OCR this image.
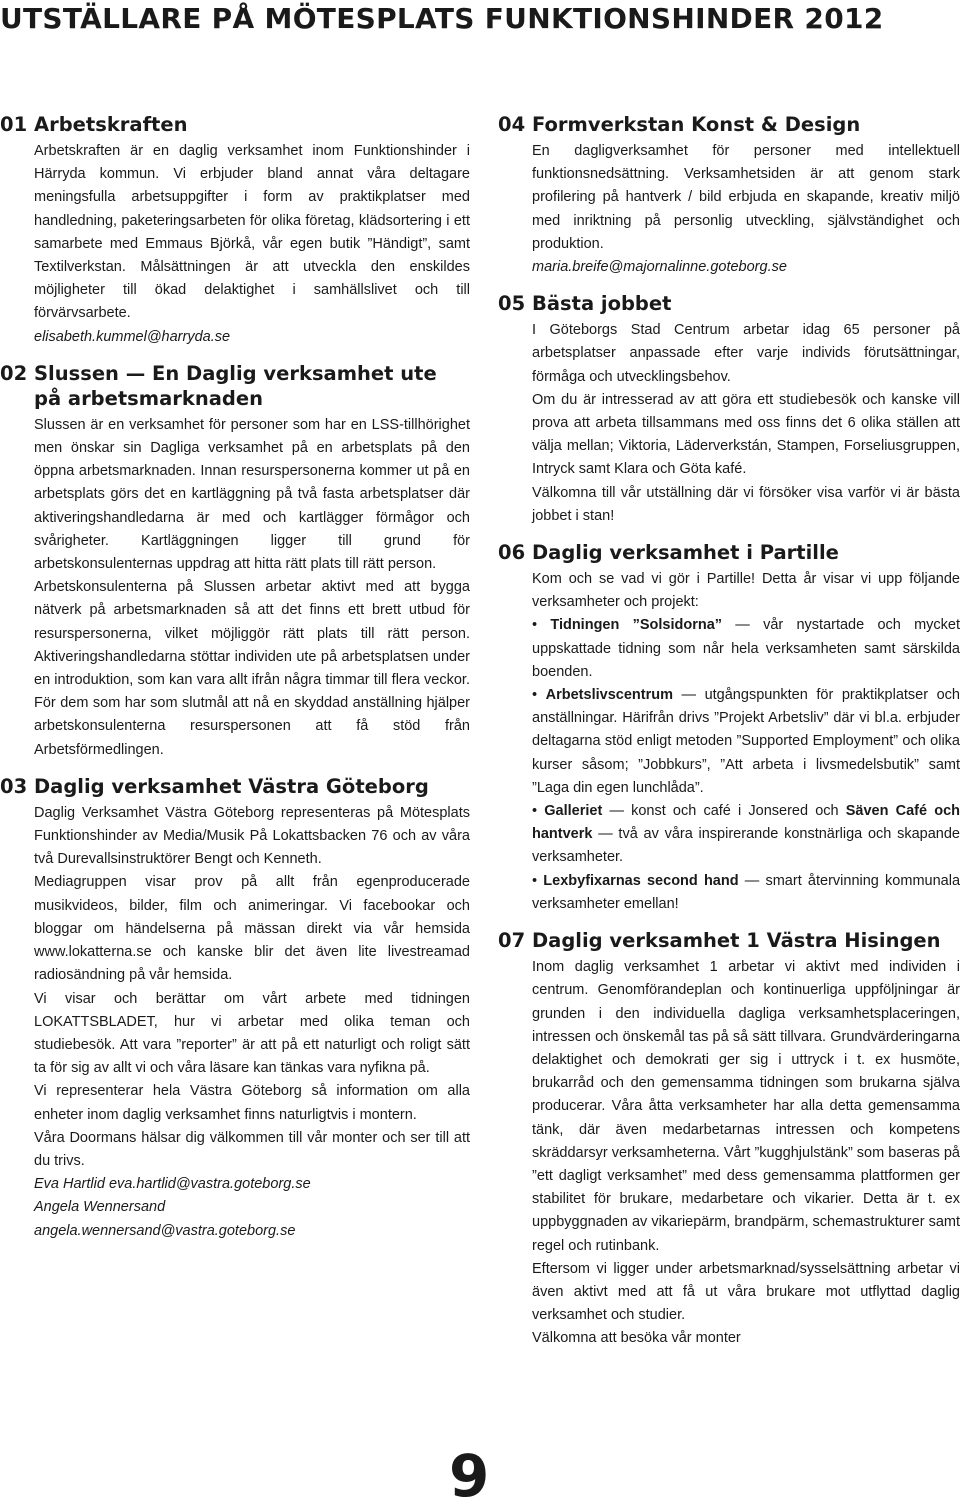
UTSTÄLLARE PÅ MÖTESPLATS FUNKTIONSHINDER 2012
01 Arbetskraften

Arbetskraften är en daglig verksamhet inom Funktionshinder i Härryda kommun. Vi erbjuder bland annat våra deltagare meningsfulla arbetsuppgifter i form av praktikplatser med handledning, paketeringsarbeten för olika företag, klädsortering i ett samarbete med Emmaus Björkå, vår egen butik ”Händigt”, samt Textilverkstan. Målsättningen är att utveckla den enskildes möjligheter till ökad delaktighet i samhällslivet och till förvärvsarbete.

elisabeth.kummel@harryda.se

02 Slussen — En Daglig verksamhet ute på arbetsmarknaden

Slussen är en verksamhet för personer som har en LSS-tillhörighet men önskar sin Dagliga verksamhet på en arbetsplats på den öppna arbetsmarknaden. Innan resurspersonerna kommer ut på en arbetsplats görs det en kartläggning på två fasta arbetsplatser där aktiveringshandledarna är med och kartlägger förmågor och svårigheter. Kartläggningen ligger till grund för arbetskonsulenternas uppdrag att hitta rätt plats till rätt person.

Arbetskonsulenterna på Slussen arbetar aktivt med att bygga nätverk på arbetsmarknaden så att det finns ett brett utbud för resurspersonerna, vilket möjliggör rätt plats till rätt person. Aktiveringshandledarna stöttar individen ute på arbetsplatsen under en introduktion, som kan vara allt ifrån några timmar till flera veckor. För dem som har som slutmål att nå en skyddad anställning hjälper arbetskonsulenterna resurspersonen att få stöd från Arbetsförmedlingen.

03 Daglig verksamhet Västra Göteborg

Daglig Verksamhet Västra Göteborg representeras på Mötesplats Funktionshinder av Media/Musik På Lokattsbacken 76 och av våra två Durevallsinstruktörer Bengt och Kenneth.

Mediagruppen visar prov på allt från egenproducerade musikvideos, bilder, film och animeringar. Vi facebookar och bloggar om händelserna på mässan direkt via vår hemsida www.lokatterna.se och kanske blir det även lite livestreamad radiosändning på vår hemsida.

Vi visar och berättar om vårt arbete med tidningen LOKATTSBLADET, hur vi arbetar med olika teman och studiebesök. Att vara ”reporter” är att på ett naturligt och roligt sätt ta för sig av allt vi och våra läsare kan tänkas vara nyfikna på.

Vi representerar hela Västra Göteborg så information om alla enheter inom daglig verksamhet finns naturligtvis i montern.

Våra Doormans hälsar dig välkommen till vår monter och ser till att du trivs.

Eva Hartlid eva.hartlid@vastra.goteborg.se

Angela Wennersand

angela.wennersand@vastra.goteborg.se

04 Formverkstan Konst & Design

En dagligverksamhet för personer med intellektuell funktionsnedsättning. Verksamhetsiden är att genom stark profilering på hantverk / bild erbjuda en skapande, kreativ miljö med inriktning på personlig utveckling, självständighet och produktion.

maria.breife@majornalinne.goteborg.se

05 Bästa jobbet

I Göteborgs Stad Centrum arbetar idag 65 personer på arbetsplatser anpassade efter varje individs förutsättningar, förmåga och utvecklingsbehov.

Om du är intresserad av att göra ett studiebesök och kanske vill prova att arbeta tillsammans med oss finns det 6 olika ställen att välja mellan; Viktoria, Läderverkstán, Stampen, Forseliusgruppen, Intryck samt Klara och Göta kafé.

Välkomna till vår utställning där vi försöker visa varför vi är bästa jobbet i stan!

06 Daglig verksamhet i Partille

Kom och se vad vi gör i Partille! Detta år visar vi upp följande verksamheter och projekt:

• Tidningen ”Solsidorna” — vår nystartade och mycket uppskattade tidning som når hela verksamheten samt särskilda boenden.

• Arbetslivscentrum — utgångspunkten för praktikplatser och anställningar. Härifrån drivs ”Projekt Arbetsliv” där vi bl.a. erbjuder deltagarna stöd enligt metoden ”Supported Employment” och olika kurser såsom; ”Jobbkurs”, ”Att arbeta i livsmedelsbutik” samt ”Laga din egen lunchlåda”.

• Galleriet — konst och café i Jonsered och Säven Café och hantverk — två av våra inspirerande konstnärliga och skapande verksamheter.

• Lexbyfixarnas second hand — smart återvinning kommunala verksamheter emellan!

07 Daglig verksamhet 1 Västra Hisingen

Inom daglig verksamhet 1 arbetar vi aktivt med individen i centrum. Genomförandeplan och kontinuerliga uppföljningar är grunden i den individuella dagliga verksamhetsplaceringen, intressen och önskemål tas på så sätt tillvara. Grundvärderingarna delaktighet och demokrati ger sig i uttryck i t. ex husmöte, brukarråd och den gemensamma tidningen som brukarna själva producerar. Våra åtta verksamheter har alla detta gemensamma tänk, där även medarbetarnas intressen och kompetens skräddarsyr verksamheterna. Vårt ”kugghjulstänk” som baseras på ”ett dagligt verksamhet” med dess gemensamma plattformen ger stabilitet för brukare, medarbetare och vikarier. Detta är t. ex uppbyggnaden av vikariepärm, brandpärm, schemastrukturer samt regel och rutinbank.

Eftersom vi ligger under arbetsmarknad/sysselsättning arbetar vi även aktivt med att få ut våra brukare mot utflyttad daglig verksamhet och studier.

Välkomna att besöka vår monter

9
